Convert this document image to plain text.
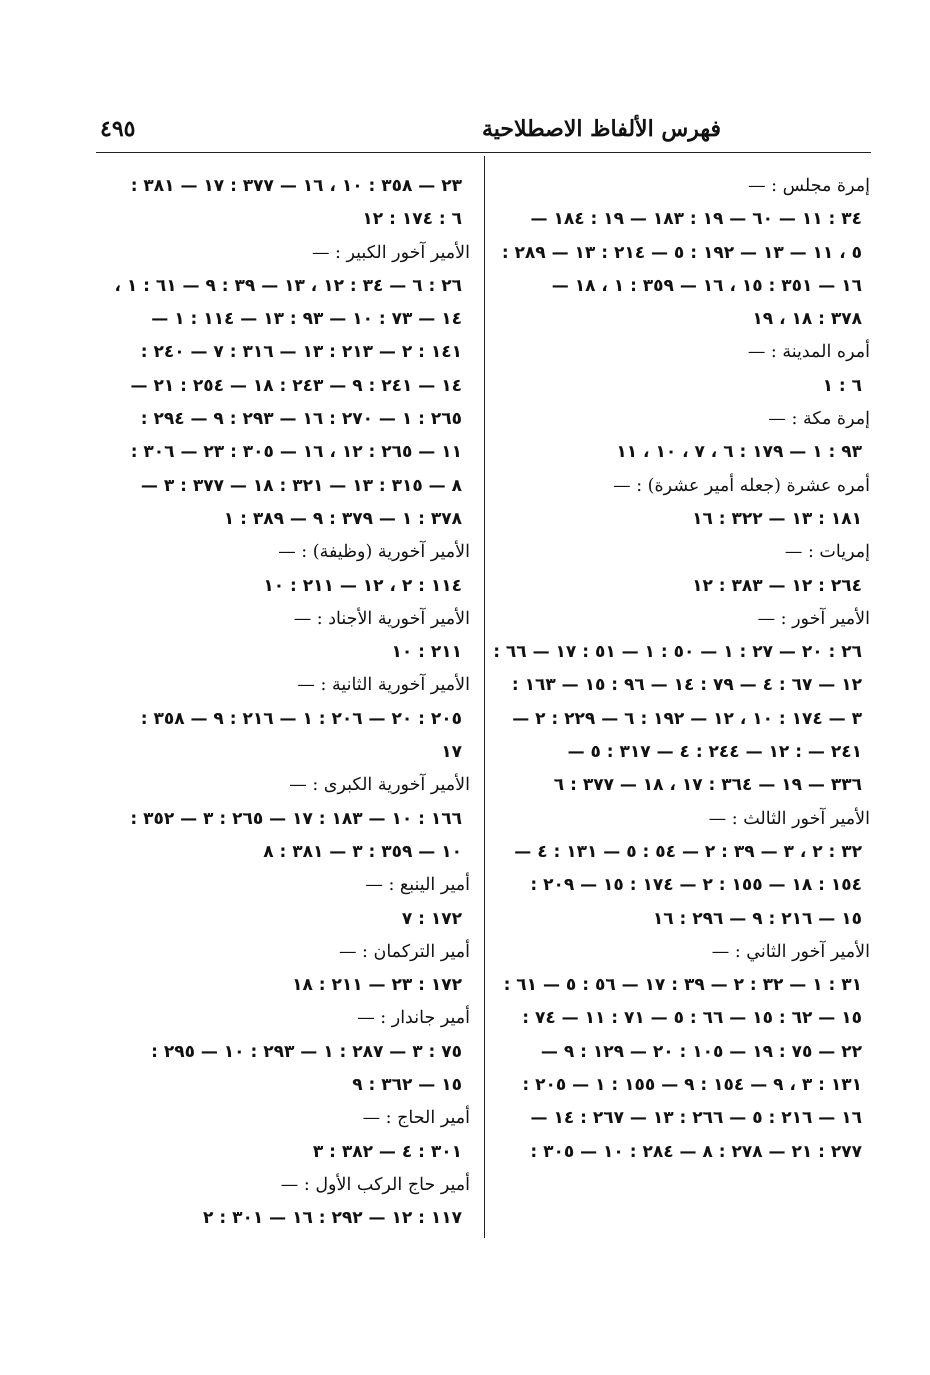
فهرس الألفاظ الاصطلاحية
٤٩٥
إمرة مجلس : —
٣٤ : ١١ — ٦٠ — ١٩ : ١٨٣ — ١٩ : ١٨٤ —
٥ ، ١١ — ١٣ — ١٩٢ : ٥ — ٢١٤ : ١٣ — ٢٨٩ :
١٦ — ٣٥١ : ١٥ ، ١٦ — ٣٥٩ : ١ ، ١٨ —
٣٧٨ : ١٨ ، ١٩
أمره المدينة : —
٦ : ١
إمرة مكة : —
٩٣ : ١ — ١٧٩ : ٦ ، ٧ ، ١٠ ، ١١
أمره عشرة (جعله أمير عشرة) : —
١٨١ : ١٣ — ٣٢٢ : ١٦
إمريات : —
٢٦٤ : ١٢ — ٣٨٣ : ١٢
الأمير آخور : —
٢٦ : ٢٠ — ٢٧ : ١ — ٥٠ : ١ — ٥١ : ١٧ — ٦٦ :
١٢ — ٦٧ : ٤ — ٧٩ : ١٤ — ٩٦ : ١٥ — ١٦٣ :
٣ — ١٧٤ : ١٠ ، ١٢ — ١٩٢ : ٦ — ٢٢٩ : ٢ —
٢٤١ — : ١٢ — ٢٤٤ : ٤ — ٣١٧ : ٥ —
٣٣٦ — ١٩ — ٣٦٤ : ١٧ ، ١٨ — ٣٧٧ : ٦
الأمير آخور الثالث : —
٣٢ : ٢ ، ٣ — ٣٩ : ٢ — ٥٤ : ٥ — ١٣١ : ٤ —
١٥٤ : ١٨ — ١٥٥ : ٢ — ١٧٤ : ١٥ — ٢٠٩ :
١٥ — ٢١٦ : ٩ — ٢٩٦ : ١٦
الأمير آخور الثاني : —
٣١ : ١ — ٣٢ : ٢ — ٣٩ : ١٧ — ٥٦ : ٥ — ٦١ :
١٥ — ٦٢ : ١٥ — ٦٦ : ٥ — ٧١ : ١١ — ٧٤ :
٢٢ — ٧٥ : ١٩ — ١٠٥ : ٢٠ — ١٢٩ : ٩ —
١٣١ : ٣ ، ٩ — ١٥٤ : ٩ — ١٥٥ : ١ — ٢٠٥ :
١٦ — ٢١٦ : ٥ — ٢٦٦ : ١٣ — ٢٦٧ : ١٤ —
٢٧٧ : ٢١ — ٢٧٨ : ٨ — ٢٨٤ : ١٠ — ٣٠٥ :
٢٣ — ٣٥٨ : ١٠ ، ١٦ — ٣٧٧ : ١٧ — ٣٨١ :
٦ : ١٧٤ : ١٢
الأمير آخور الكبير : —
٢٦ : ٦ — ٣٤ : ١٢ ، ١٣ — ٣٩ : ٩ — ٦١ : ١ ،
١٤ — ٧٣ : ١٠ — ٩٣ : ١٣ — ١١٤ : ١ —
١٤١ : ٢ — ٢١٣ : ١٣ — ٣١٦ : ٧ — ٢٤٠ :
١٤ — ٢٤١ : ٩ — ٢٤٣ : ١٨ — ٢٥٤ : ٢١ —
٢٦٥ : ١ — ٢٧٠ : ١٦ — ٢٩٣ : ٩ — ٢٩٤ :
١١ — ٢٦٥ : ١٢ ، ١٦ — ٣٠٥ : ٢٣ — ٣٠٦ :
٨ — ٣١٥ : ١٣ — ٣٢١ : ١٨ — ٣٧٧ : ٣ —
٣٧٨ : ١ — ٣٧٩ : ٩ — ٣٨٩ : ١
الأمير آخورية (وظيفة) : —
١١٤ : ٢ ، ١٢ — ٢١١ : ١٠
الأمير آخورية الأجناد : —
٢١١ : ١٠
الأمير آخورية الثانية : —
٢٠٥ : ٢٠ — ٢٠٦ : ١ — ٢١٦ : ٩ — ٣٥٨ :
١٧
الأمير آخورية الكبرى : —
١٦٦ : ١٠ — ١٨٣ : ١٧ — ٢٦٥ : ٣ — ٣٥٢ :
١٠ — ٣٥٩ : ٣ — ٣٨١ : ٨
أمير الينبع : —
١٧٢ : ٧
أمير التركمان : —
١٧٢ : ٢٣ — ٢١١ : ١٨
أمير جاندار : —
٧٥ : ٣ — ٢٨٧ : ١ — ٢٩٣ : ١٠ — ٢٩٥ :
١٥ — ٣٦٢ : ٩
أمير الحاج : —
٣٠١ : ٤ — ٣٨٢ : ٣
أمير حاج الركب الأول : —
١١٧ : ١٢ — ٢٩٢ : ١٦ — ٣٠١ : ٢
